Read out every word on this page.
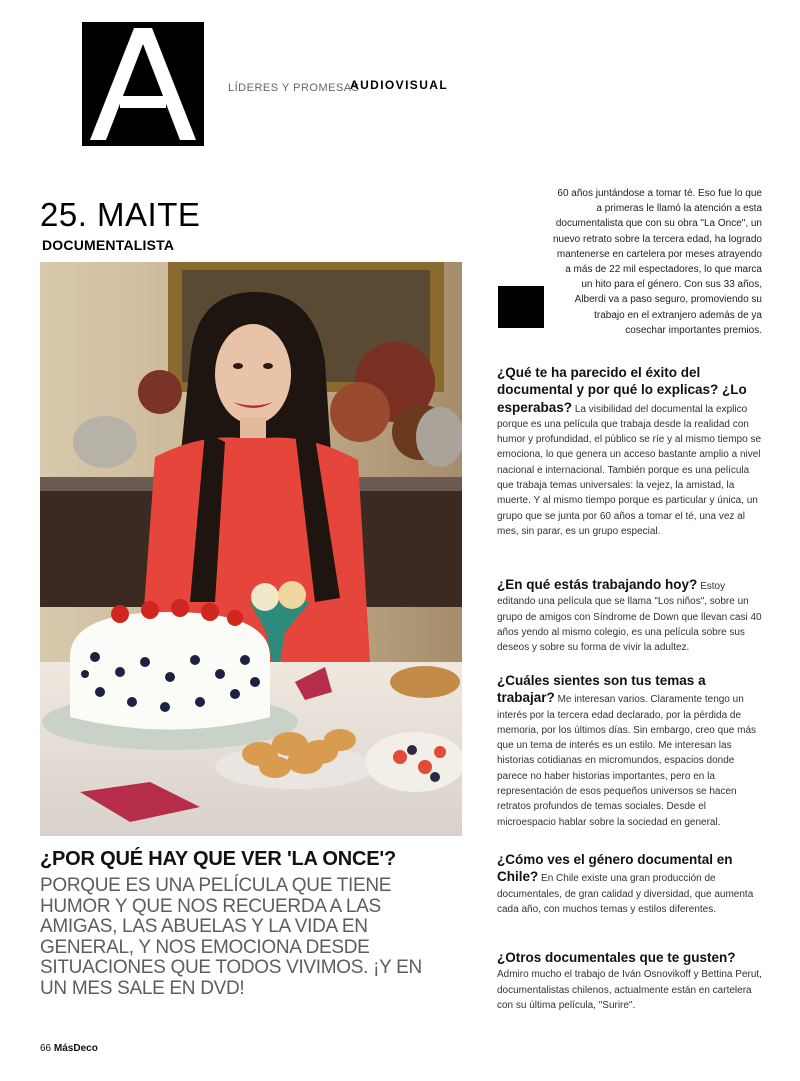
LÍDERES Y PROMESAS
AUDIOVISUAL
25. MAITE
DOCUMENTALISTA
¿POR QUÉ HAY QUE VER 'LA ONCE'?
PORQUE ES UNA PELÍCULA QUE TIENE HUMOR Y QUE NOS RECUERDA A LAS AMIGAS, LAS ABUELAS Y LA VIDA EN GENERAL, Y NOS EMOCIONA DESDE SITUACIONES QUE TODOS VIVIMOS. ¡Y EN UN MES SALE EN DVD!
60 años juntándose a tomar té. Eso fue lo que a primeras le llamó la atención a esta documentalista que con su obra "La Once", un nuevo retrato sobre la tercera edad, ha logrado mantenerse en cartelera por meses atrayendo a más de 22 mil espectadores, lo que marca un hito para el género. Con sus 33 años, Alberdi va a paso seguro, promoviendo su trabajo en el extranjero además de ya cosechar importantes premios.
¿Qué te ha parecido el éxito del documental y por qué lo explicas? ¿Lo esperabas? La visibilidad del documental la explico porque es una película que trabaja desde la realidad con humor y profundidad, el público se ríe y al mismo tiempo se emociona, lo que genera un acceso bastante amplio a nivel nacional e internacional. También porque es una película que trabaja temas universales: la vejez, la amistad, la muerte. Y al mismo tiempo porque es particular y única, un grupo que se junta por 60 años a tomar el té, una vez al mes, sin parar, es un grupo especial.
¿En qué estás trabajando hoy? Estoy editando una película que se llama "Los niños", sobre un grupo de amigos con Síndrome de Down que llevan casi 40 años yendo al mismo colegio, es una película sobre sus deseos y sobre su forma de vivir la adultez.
¿Cuáles sientes son tus temas a trabajar? Me interesan varios. Claramente tengo un interés por la tercera edad declarado, por la pérdida de memoria, por los últimos días. Sin embargo, creo que más que un tema de interés es un estilo. Me interesan las historias cotidianas en micromundos, espacios donde parece no haber historias importantes, pero en la representación de esos pequeños universos se hacen retratos profundos de temas sociales. Desde el microespacio hablar sobre la sociedad en general.
¿Cómo ves el género documental en Chile? En Chile existe una gran producción de documentales, de gran calidad y diversidad, que aumenta cada año, con muchos temas y estilos diferentes.
¿Otros documentales que te gusten? Admiro mucho el trabajo de Iván Osnovikoff y Bettina Perut, documentalistas chilenos, actualmente están en cartelera con su última película, "Surire".
66 MásDeco
